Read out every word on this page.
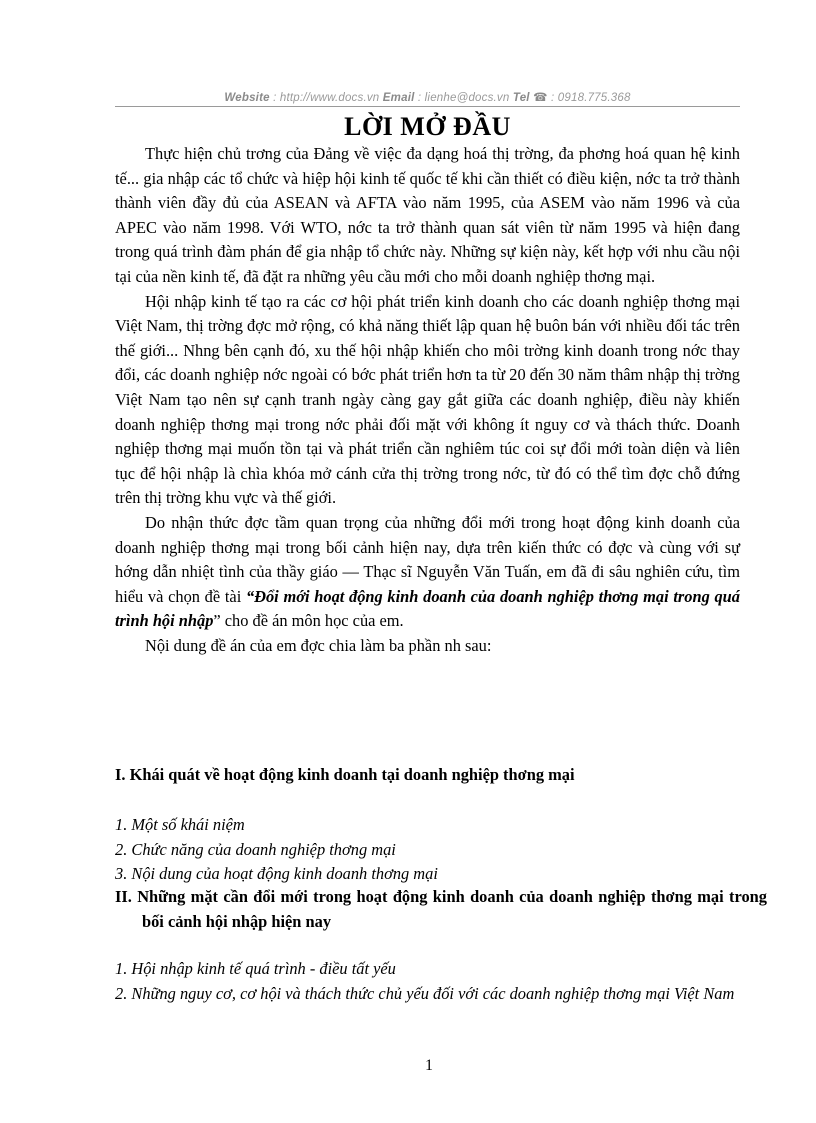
Website : http://www.docs.vn Email : lienhe@docs.vn Tel ☎ : 0918.775.368
LỜI MỞ ĐẦU

Thực hiện chủ trơng của Đảng về việc đa dạng hoá thị trờng, đa phơng hoá quan hệ kinh tế... gia nhập các tổ chức và hiệp hội kinh tế quốc tế khi cần thiết có điều kiện, nớc ta trở thành thành viên đầy đủ của ASEAN và AFTA vào năm 1995, của ASEM vào năm 1996 và của APEC vào năm 1998. Với WTO, nớc ta trở thành quan sát viên từ năm 1995 và hiện đang trong quá trình đàm phán để gia nhập tổ chức này. Những sự kiện này, kết hợp với nhu cầu nội tại của nền kinh tế, đã đặt ra những yêu cầu mới cho mỗi doanh nghiệp thơng mại.

Hội nhập kinh tế tạo ra các cơ hội phát triển kinh doanh cho các doanh nghiệp thơng mại Việt Nam, thị trờng đợc mở rộng, có khả năng thiết lập quan hệ buôn bán với nhiều đối tác trên thế giới... Nhng bên cạnh đó, xu thế hội nhập khiến cho môi trờng kinh doanh trong nớc thay đổi, các doanh nghiệp nớc ngoài có bớc phát triển hơn ta từ 20 đến 30 năm thâm nhập thị trờng Việt Nam tạo nên sự cạnh tranh ngày càng gay gắt giữa các doanh nghiệp, điều này khiến doanh nghiệp thơng mại trong nớc phải đối mặt với không ít nguy cơ và thách thức. Doanh nghiệp thơng mại muốn tồn tại và phát triển cần nghiêm túc coi sự đổi mới toàn diện và liên tục để hội nhập là chìa khóa mở cánh cửa thị trờng trong nớc, từ đó có thể tìm đợc chỗ đứng trên thị trờng khu vực và thế giới.

Do nhận thức đợc tầm quan trọng của những đổi mới trong hoạt động kinh doanh của doanh nghiệp thơng mại trong bối cảnh hiện nay, dựa trên kiến thức có đợc và cùng với sự hớng dẫn nhiệt tình của thầy giáo — Thạc sĩ Nguyễn Văn Tuấn, em đã đi sâu nghiên cứu, tìm hiểu và chọn đề tài “Đổi mới hoạt động kinh doanh của doanh nghiệp thơng mại trong quá trình hội nhập” cho đề án môn học của em.

Nội dung đề án của em đợc chia làm ba phần nh sau:

I. Khái quát về hoạt động kinh doanh tại doanh nghiệp thơng mại
1. Một số khái niệm
2. Chức năng của doanh nghiệp thơng mại
3. Nội dung của hoạt động kinh doanh thơng mại
II. Những mặt cần đổi mới trong hoạt động kinh doanh của doanh nghiệp thơng mại trong bối cảnh hội nhập hiện nay
1. Hội nhập kinh tế quá trình - điều tất yếu
2. Những nguy cơ, cơ hội và thách thức chủ yếu đối với các doanh nghiệp thơng mại Việt Nam
1
